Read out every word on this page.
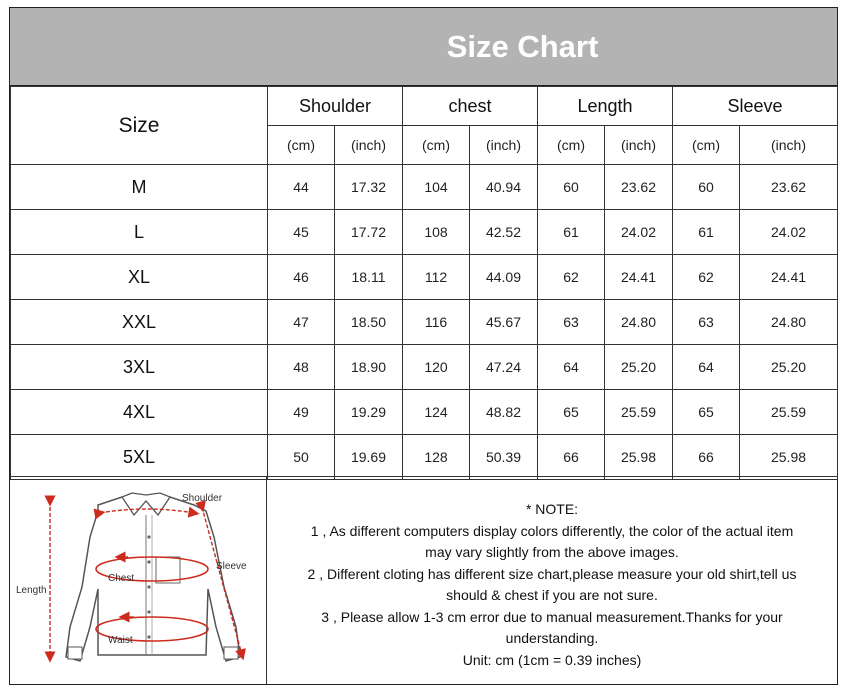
Size Chart
Size	Shoulder		chest		Length		Sleeve	
	(cm)	(inch)	(cm)	(inch)	(cm)	(inch)	(cm)	(inch)
M	44	17.32	104	40.94	60	23.62	60	23.62
L	45	17.72	108	42.52	61	24.02	61	24.02
XL	46	18.11	112	44.09	62	24.41	62	24.41
XXL	47	18.50	116	45.67	63	24.80	63	24.80
3XL	48	18.90	120	47.24	64	25.20	64	25.20
4XL	49	19.29	124	48.82	65	25.59	65	25.59
5XL	50	19.69	128	50.39	66	25.98	66	25.98
Shoulder
Sleeve
Length
Chest
Waist
* NOTE:
1 , As different computers display colors differently, the color of the actual item
may vary slightly from the above images.
2 , Different cloting has different size chart,please measure your old shirt,tell us
should & chest if you are not sure.
3 , Please allow 1-3 cm error due to manual measurement.Thanks for your
understanding.
Unit: cm (1cm = 0.39 inches)
